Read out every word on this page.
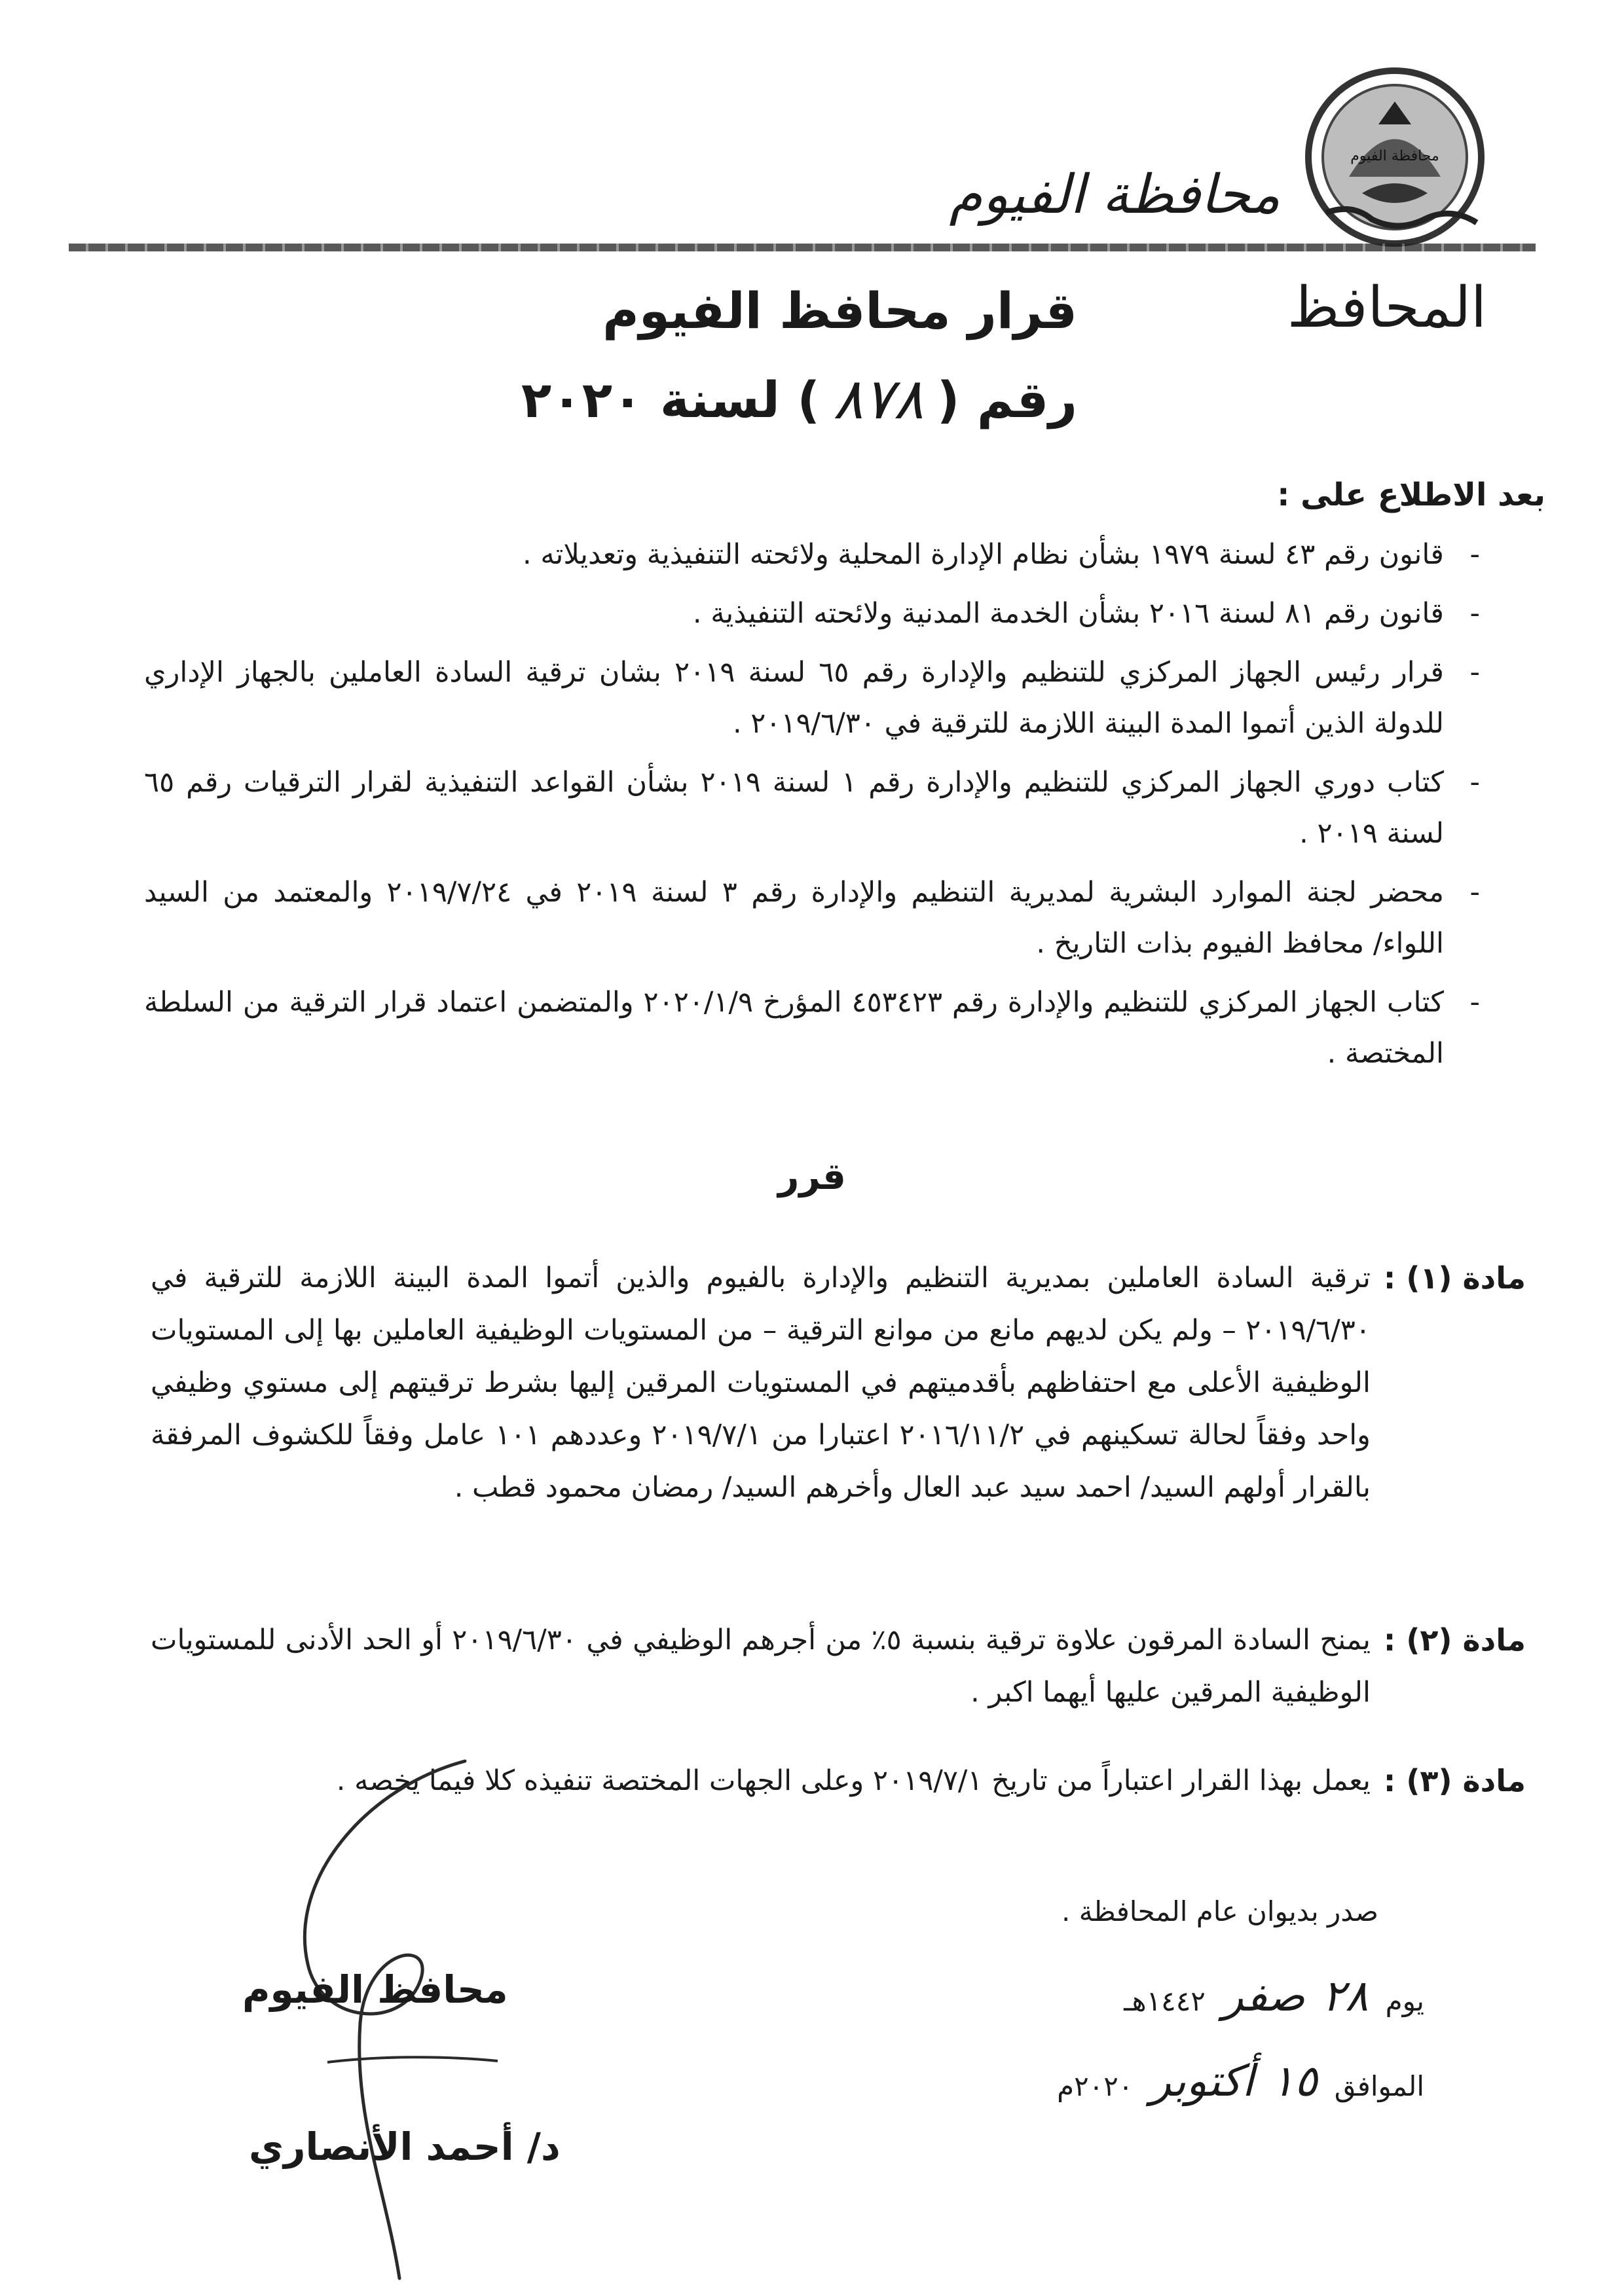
محافظة الفيوم
محافظة الفيوم
المحافظ
قرار محافظ الفيوم
رقم (
٨٧٨
) لسنة ٢٠٢٠
بعد الاطلاع على :
- قانون رقم ٤٣ لسنة ١٩٧٩ بشأن نظام الإدارة المحلية ولائحته التنفيذية وتعديلاته .
- قانون رقم ٨١ لسنة ٢٠١٦ بشأن الخدمة المدنية ولائحته التنفيذية .
- قرار رئيس الجهاز المركزي للتنظيم والإدارة رقم ٦٥ لسنة ٢٠١٩ بشان ترقية السادة العاملين بالجهاز الإداري للدولة الذين أتموا المدة البينة اللازمة للترقية في ٢٠١٩/٦/٣٠ .
- كتاب دوري الجهاز المركزي للتنظيم والإدارة رقم ١ لسنة ٢٠١٩ بشأن القواعد التنفيذية لقرار الترقيات رقم ٦٥ لسنة ٢٠١٩ .
- محضر لجنة الموارد البشرية لمديرية التنظيم والإدارة رقم ٣ لسنة ٢٠١٩ في ٢٠١٩/٧/٢٤ والمعتمد من السيد اللواء/ محافظ الفيوم بذات التاريخ .
- كتاب الجهاز المركزي للتنظيم والإدارة رقم ٤٥٣٤٢٣ المؤرخ ٢٠٢٠/١/٩ والمتضمن اعتماد قرار الترقية من السلطة المختصة .
قرر
مادة (١) :
ترقية السادة العاملين بمديرية التنظيم والإدارة بالفيوم والذين أتموا المدة البينة اللازمة للترقية في ٢٠١٩/٦/٣٠ – ولم يكن لديهم مانع من موانع الترقية – من المستويات الوظيفية العاملين بها إلى المستويات الوظيفية الأعلى مع احتفاظهم بأقدميتهم في المستويات المرقين إليها بشرط ترقيتهم إلى مستوي وظيفي واحد وفقاً لحالة تسكينهم في ٢٠١٦/١١/٢ اعتبارا من ٢٠١٩/٧/١ وعددهم ١٠١ عامل وفقاً للكشوف المرفقة بالقرار أولهم السيد/ احمد سيد عبد العال وأخرهم السيد/ رمضان محمود قطب .
مادة (٢) :
يمنح السادة المرقون علاوة ترقية بنسبة ٥٪ من أجرهم الوظيفي في ٢٠١٩/٦/٣٠ أو الحد الأدنى للمستويات الوظيفية المرقين عليها أيهما اكبر .
مادة (٣) :
يعمل بهذا القرار اعتباراً من تاريخ ٢٠١٩/٧/١ وعلى الجهات المختصة تنفيذه كلا فيما يخصه .
صدر بديوان عام المحافظة .
يوم
٢٨
صفر
١٤٤٢هـ
الموافق
١٥
أكتوبر
٢٠٢٠م
محافظ الفيوم
د/ أحمد الأنصاري
